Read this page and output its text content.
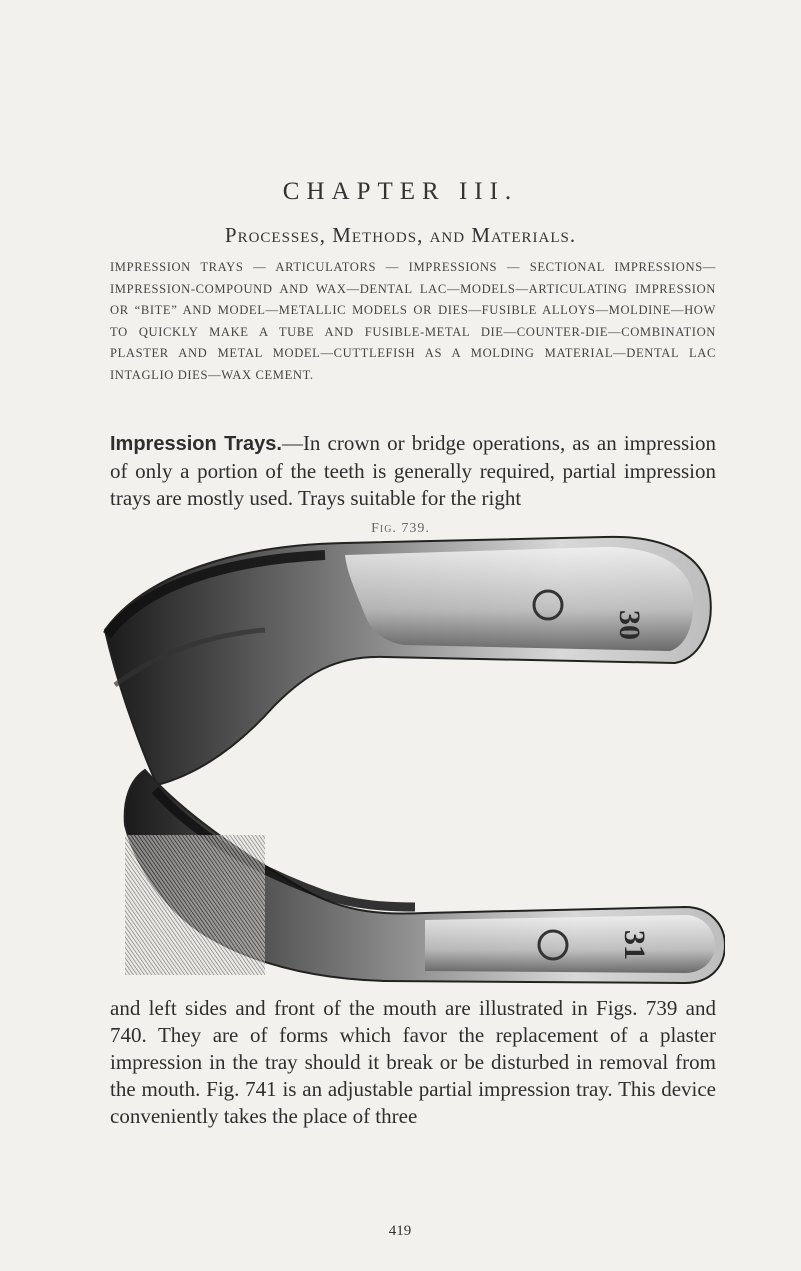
CHAPTER III.
Processes, Methods, and Materials.
IMPRESSION TRAYS — ARTICULATORS — IMPRESSIONS — SECTIONAL IMPRESSIONS—IMPRESSION-COMPOUND AND WAX—DENTAL LAC—MODELS—ARTICULATING IMPRESSION OR “BITE” AND MODEL—METALLIC MODELS OR DIES—FUSIBLE ALLOYS—MOLDINE—HOW TO QUICKLY MAKE A TUBE AND FUSIBLE-METAL DIE—COUNTER-DIE—COMBINATION PLASTER AND METAL MODEL—CUTTLEFISH AS A MOLDING MATERIAL—DENTAL LAC INTAGLIO DIES—WAX CEMENT.
Impression Trays.—In crown or bridge operations, as an impression of only a portion of the teeth is generally required, partial impression trays are mostly used. Trays suitable for the right
Fig. 739.
30
31
and left sides and front of the mouth are illustrated in Figs. 739 and 740. They are of forms which favor the replacement of a plaster impression in the tray should it break or be disturbed in removal from the mouth. Fig. 741 is an adjustable partial impression tray. This device conveniently takes the place of three
419
